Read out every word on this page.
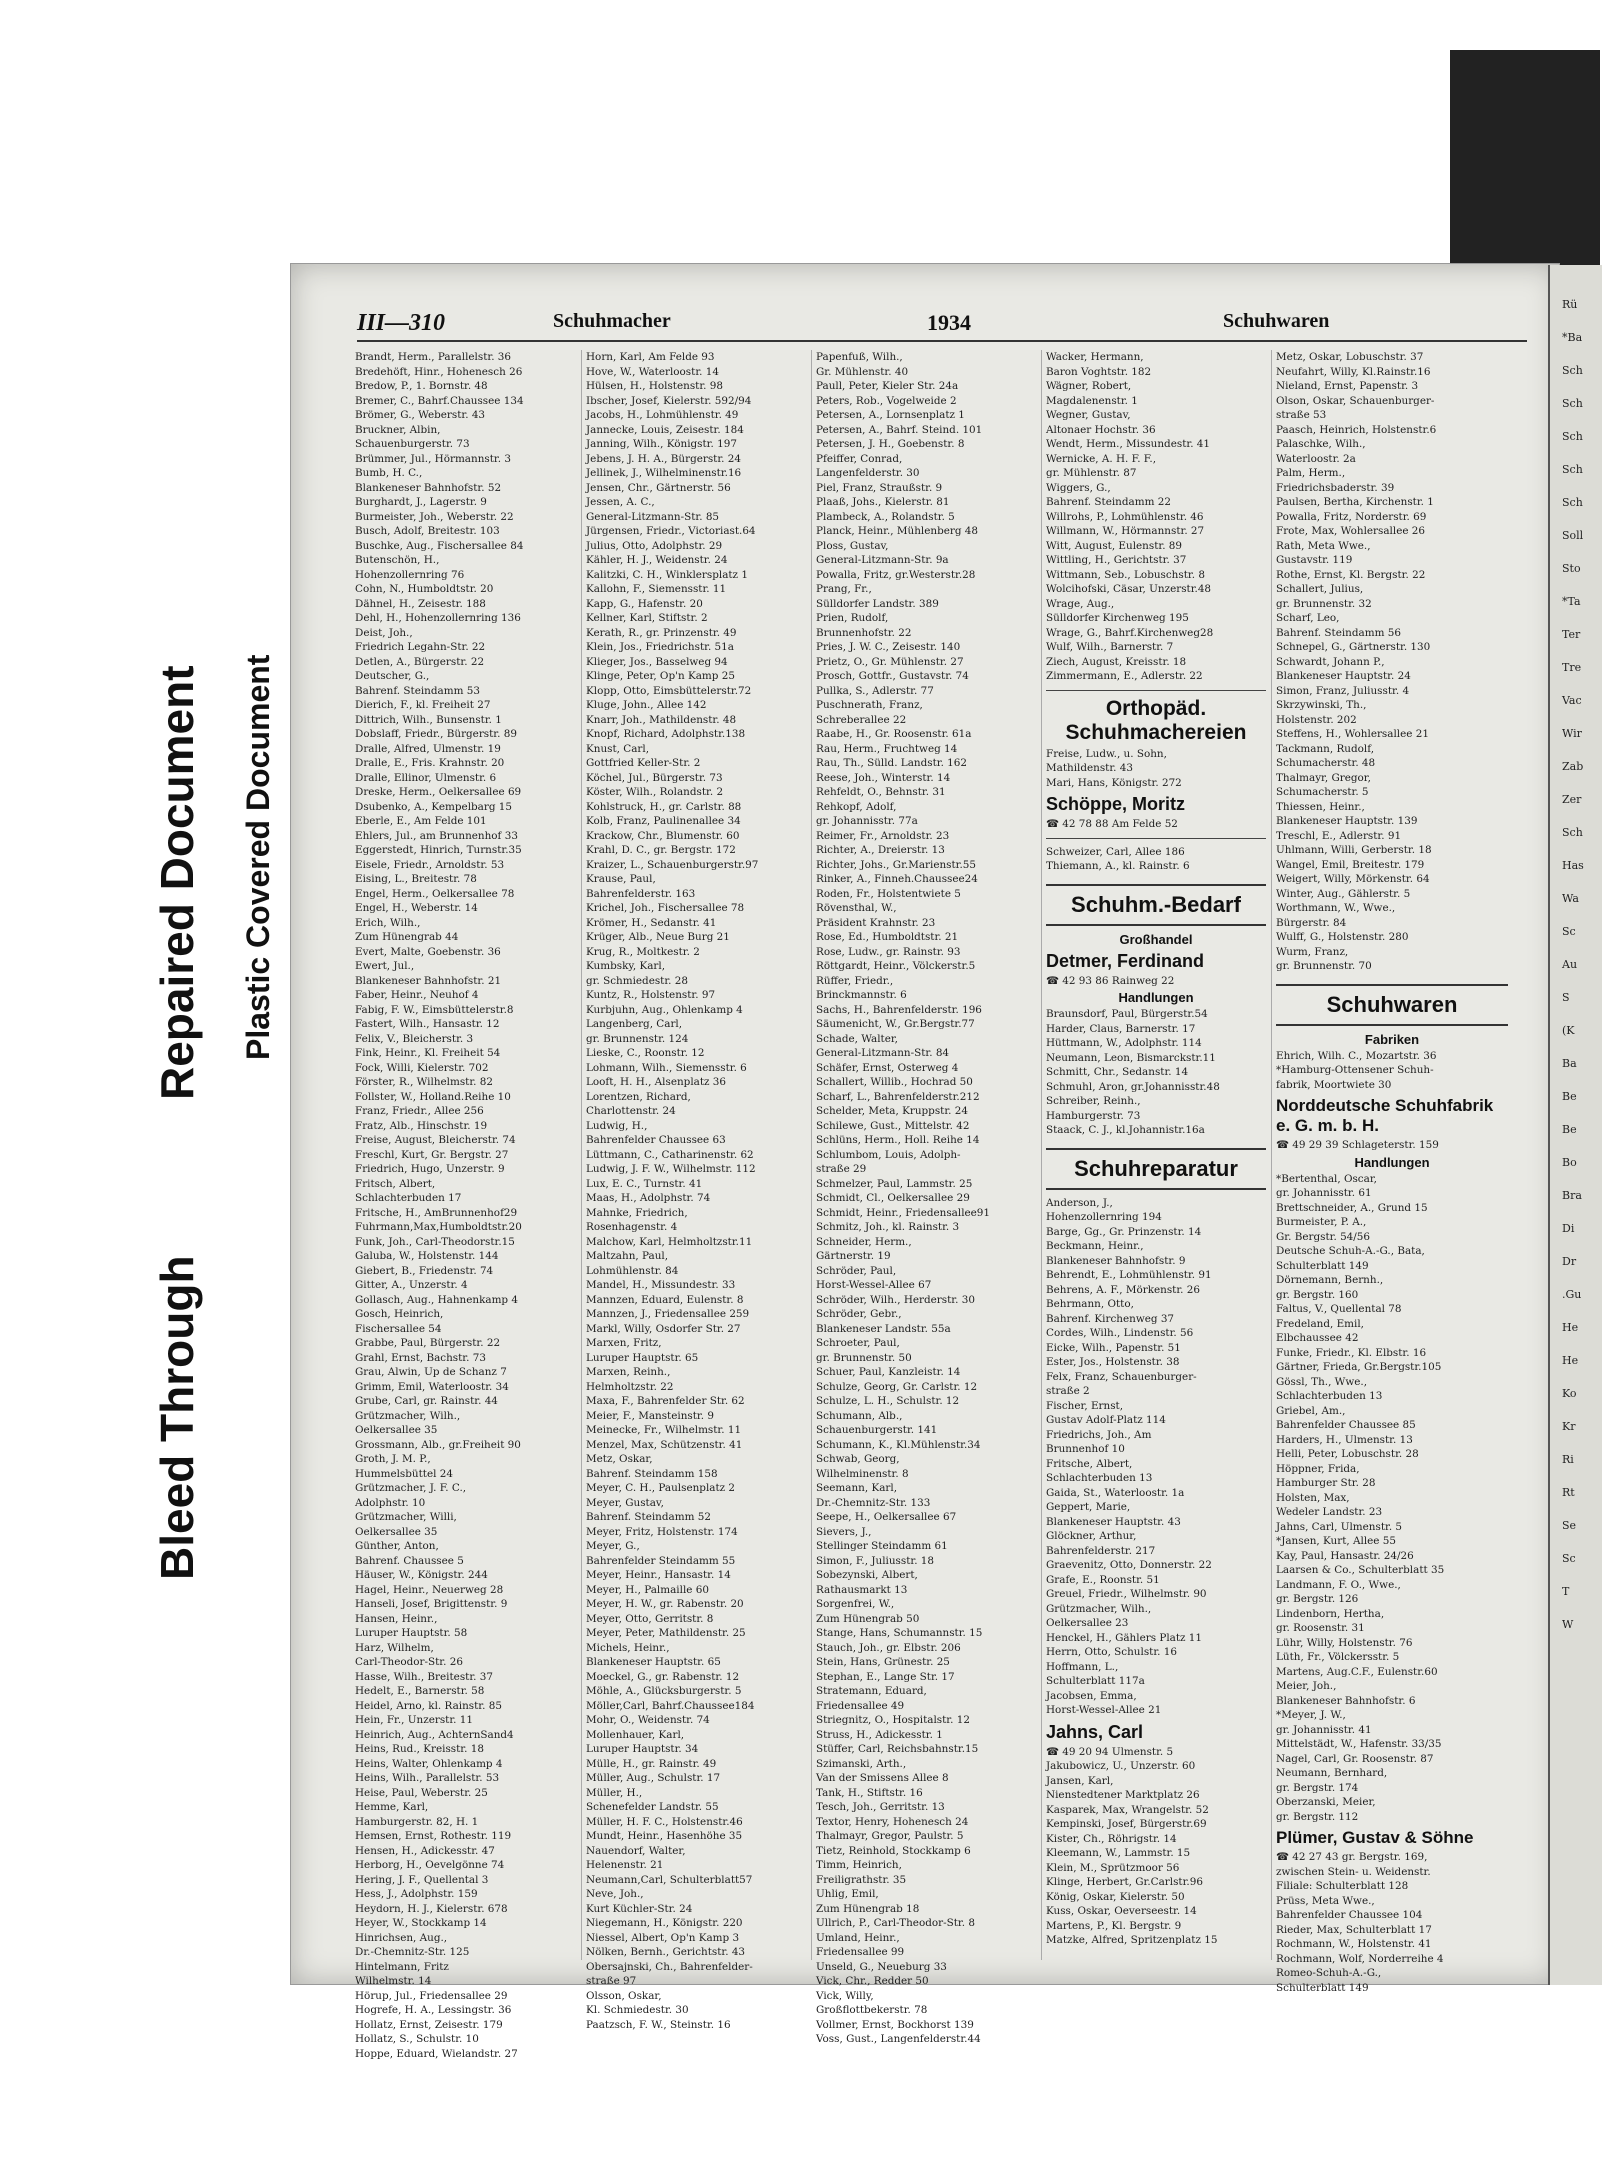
Bleed Through
Repaired Document Plastic Covered Document
III—310	Schuhmacher	1934	Schuhwaren
Brandt, Herm., Parallelstr. 36
Bredehöft, Hinr., Hohenesch 26
Bredow, P., 1. Bornstr. 48
Bremer, C., Bahrf.Chaussee 134
Brömer, G., Weberstr. 43
Bruckner, Albin,
Schauenburgerstr. 73
Brümmer, Jul., Hörmannstr. 3
Bumb, H. C.,
Blankeneser Bahnhofstr. 52
Burghardt, J., Lagerstr. 9
Burmeister, Joh., Weberstr. 22
Busch, Adolf, Breitestr. 103
Buschke, Aug., Fischersallee 84
Butenschön, H.,
Hohenzollernring 76
Cohn, N., Humboldtstr. 20
Dähnel, H., Zeisestr. 188
Dehl, H., Hohenzollernring 136
Deist, Joh.,
Friedrich Legahn-Str. 22
Detlen, A., Bürgerstr. 22
Deutscher, G.,
Bahrenf. Steindamm 53
Dierich, F., kl. Freiheit 27
Dittrich, Wilh., Bunsenstr. 1
Dobslaff, Friedr., Bürgerstr. 89
Dralle, Alfred, Ulmenstr. 19
Dralle, E., Fris. Krahnstr. 20
Dralle, Ellinor, Ulmenstr. 6
Dreske, Herm., Oelkersallee 69
Dsubenko, A., Kempelbarg 15
Eberle, E., Am Felde 101
Ehlers, Jul., am Brunnenhof 33
Eggerstedt, Hinrich, Turnstr.35
Eisele, Friedr., Arnoldstr. 53
Eising, L., Breitestr. 78
Engel, Herm., Oelkersallee 78
Engel, H., Weberstr. 14
Erich, Wilh.,
Zum Hünengrab 44
Evert, Malte, Goebenstr. 36
Ewert, Jul.,
Blankeneser Bahnhofstr. 21
Faber, Heinr., Neuhof 4
Fabig, F. W., Eimsbüttelerstr.8
Fastert, Wilh., Hansastr. 12
Felix, V., Bleicherstr. 3
Fink, Heinr., Kl. Freiheit 54
Fock, Willi, Kielerstr. 702
Förster, R., Wilhelmstr. 82
Follster, W., Holland.Reihe 10
Franz, Friedr., Allee 256
Fratz, Alb., Hinschstr. 19
Freise, August, Bleicherstr. 74
Freschl, Kurt, Gr. Bergstr. 27
Friedrich, Hugo, Unzerstr. 9
Fritsch, Albert,
Schlachterbuden 17
Fritsche, H., AmBrunnenhof29
Fuhrmann,Max,Humboldtstr.20
Funk, Joh., Carl-Theodorstr.15
Galuba, W., Holstenstr. 144
Giebert, B., Friedenstr. 74
Gitter, A., Unzerstr. 4
Gollasch, Aug., Hahnenkamp 4
Gosch, Heinrich,
Fischersallee 54
Grabbe, Paul, Bürgerstr. 22
Grahl, Ernst, Bachstr. 73
Grau, Alwin, Up de Schanz 7
Grimm, Emil, Waterloostr. 34
Grube, Carl, gr. Rainstr. 44
Grützmacher, Wilh.,
Oelkersallee 35
Grossmann, Alb., gr.Freiheit 90
Groth, J. M. P.,
Hummelsbüttel 24
Grützmacher, J. F. C.,
Adolphstr. 10
Grützmacher, Willi,
Oelkersallee 35
Günther, Anton,
Bahrenf. Chaussee 5
Häuser, W., Königstr. 244
Hagel, Heinr., Neuerweg 28
Hanseli, Josef, Brigittenstr. 9
Hansen, Heinr.,
Luruper Hauptstr. 58
Harz, Wilhelm,
Carl-Theodor-Str. 26
Hasse, Wilh., Breitestr. 37
Hedelt, E., Barnerstr. 58
Heidel, Arno, kl. Rainstr. 85
Hein, Fr., Unzerstr. 11
Heinrich, Aug., AchternSand4
Heins, Rud., Kreisstr. 18
Heins, Walter, Ohlenkamp 4
Heins, Wilh., Parallelstr. 53
Heise, Paul, Weberstr. 25
Hemme, Karl,
Hamburgerstr. 82, H. 1
Hemsen, Ernst, Rothestr. 119
Hensen, H., Adickesstr. 47
Herborg, H., Oevelgönne 74
Hering, J. F., Quellental 3
Hess, J., Adolphstr. 159
Heydorn, H. J., Kielerstr. 678
Heyer, W., Stockkamp 14
Hinrichsen, Aug.,
Dr.-Chemnitz-Str. 125
Hintelmann, Fritz
Wilhelmstr. 14
Hörup, Jul., Friedensallee 29
Hogrefe, H. A., Lessingstr. 36
Hollatz, Ernst, Zeisestr. 179
Hollatz, S., Schulstr. 10
Hoppe, Eduard, Wielandstr. 27
Horn, Karl, Am Felde 93
Hove, W., Waterloostr. 14
Hülsen, H., Holstenstr. 98
Ibscher, Josef, Kielerstr. 592/94
Jacobs, H., Lohmühlenstr. 49
Jannecke, Louis, Zeisestr. 184
Janning, Wilh., Königstr. 197
Jebens, J. H. A., Bürgerstr. 24
Jellinek, J., Wilhelminenstr.16
Jensen, Chr., Gärtnerstr. 56
Jessen, A. C.,
General-Litzmann-Str. 85
Jürgensen, Friedr., Victoriast.64
Julius, Otto, Adolphstr. 29
Kähler, H. J., Weidenstr. 24
Kalitzki, C. H., Winklersplatz 1
Kallohn, F., Siemensstr. 11
Kapp, G., Hafenstr. 20
Kellner, Karl, Stiftstr. 2
Kerath, R., gr. Prinzenstr. 49
Klein, Jos., Friedrichstr. 51a
Klieger, Jos., Basselweg 94
Klinge, Peter, Op'n Kamp 25
Klopp, Otto, Eimsbüttelerstr.72
Kluge, John., Allee 142
Knarr, Joh., Mathildenstr. 48
Knopf, Richard, Adolphstr.138
Knust, Carl,
Gottfried Keller-Str. 2
Köchel, Jul., Bürgerstr. 73
Köster, Wilh., Rolandstr. 2
Kohlstruck, H., gr. Carlstr. 88
Kolb, Franz, Paulinenallee 34
Krackow, Chr., Blumenstr. 60
Krahl, D. C., gr. Bergstr. 172
Kraizer, L., Schauenburgerstr.97
Krause, Paul,
Bahrenfelderstr. 163
Krichel, Joh., Fischersallee 78
Krömer, H., Sedanstr. 41
Krüger, Alb., Neue Burg 21
Krug, R., Moltkestr. 2
Kumbsky, Karl,
gr. Schmiedestr. 28
Kuntz, R., Holstenstr. 97
Kurbjuhn, Aug., Ohlenkamp 4
Langenberg, Carl,
gr. Brunnenstr. 124
Lieske, C., Roonstr. 12
Lohmann, Wilh., Siemensstr. 6
Looft, H. H., Alsenplatz 36
Lorentzen, Richard,
Charlottenstr. 24
Ludwig, H.,
Bahrenfelder Chaussee 63
Lüttmann, C., Catharinenstr. 62
Ludwig, J. F. W., Wilhelmstr. 112
Lux, E. C., Turnstr. 41
Maas, H., Adolphstr. 74
Mahnke, Friedrich,
Rosenhagenstr. 4
Malchow, Karl, Helmholtzstr.11
Maltzahn, Paul,
Lohmühlenstr. 84
Mandel, H., Missundestr. 33
Mannzen, Eduard, Eulenstr. 8
Mannzen, J., Friedensallee 259
Markl, Willy, Osdorfer Str. 27
Marxen, Fritz,
Luruper Hauptstr. 65
Marxen, Reinh.,
Helmholtzstr. 22
Maxa, F., Bahrenfelder Str. 62
Meier, F., Mansteinstr. 9
Meinecke, Fr., Wilhelmstr. 11
Menzel, Max, Schützenstr. 41
Metz, Oskar,
Bahrenf. Steindamm 158
Meyer, C. H., Paulsenplatz 2
Meyer, Gustav,
Bahrenf. Steindamm 52
Meyer, Fritz, Holstenstr. 174
Meyer, G.,
Bahrenfelder Steindamm 55
Meyer, Heinr., Hansastr. 14
Meyer, H., Palmaille 60
Meyer, H. W., gr. Rabenstr. 20
Meyer, Otto, Gerritstr. 8
Meyer, Peter, Mathildenstr. 25
Michels, Heinr.,
Blankeneser Hauptstr. 65
Moeckel, G., gr. Rabenstr. 12
Möhle, A., Glücksburgerstr. 5
Möller,Carl, Bahrf.Chaussee184
Mohr, O., Weidenstr. 74
Mollenhauer, Karl,
Luruper Hauptstr. 34
Mülle, H., gr. Rainstr. 49
Müller, Aug., Schulstr. 17
Müller, H.,
Schenefelder Landstr. 55
Müller, H. F. C., Holstenstr.46
Mundt, Heinr., Hasenhöhe 35
Nauendorf, Walter,
Helenenstr. 21
Neumann,Carl, Schulterblatt57
Neve, Joh.,
Kurt Küchler-Str. 24
Niegemann, H., Königstr. 220
Niessel, Albert, Op'n Kamp 3
Nölken, Bernh., Gerichtstr. 43
Obersajnski, Ch., Bahrenfelder-
straße 97
Olsson, Oskar,
Kl. Schmiedestr. 30
Paatzsch, F. W., Steinstr. 16
Papenfuß, Wilh.,
Gr. Mühlenstr. 40
Paull, Peter, Kieler Str. 24a
Peters, Rob., Vogelweide 2
Petersen, A., Lornsenplatz 1
Petersen, A., Bahrf. Steind. 101
Petersen, J. H., Goebenstr. 8
Pfeiffer, Conrad,
Langenfelderstr. 30
Piel, Franz, Straußstr. 9
Plaaß, Johs., Kielerstr. 81
Plambeck, A., Rolandstr. 5
Planck, Heinr., Mühlenberg 48
Ploss, Gustav,
General-Litzmann-Str. 9a
Powalla, Fritz, gr.Westerstr.28
Prang, Fr.,
Sülldorfer Landstr. 389
Prien, Rudolf,
Brunnenhofstr. 22
Pries, J. W. C., Zeisestr. 140
Prietz, O., Gr. Mühlenstr. 27
Prosch, Gottfr., Gustavstr. 74
Pullka, S., Adlerstr. 77
Puschnerath, Franz,
Schreberallee 22
Raabe, H., Gr. Roosenstr. 61a
Rau, Herm., Fruchtweg 14
Rau, Th., Sülld. Landstr. 162
Reese, Joh., Winterstr. 14
Rehfeldt, O., Behnstr. 31
Rehkopf, Adolf,
gr. Johannisstr. 77a
Reimer, Fr., Arnoldstr. 23
Richter, A., Dreierstr. 13
Richter, Johs., Gr.Marienstr.55
Rinker, A., Finneh.Chaussee24
Roden, Fr., Holstentwiete 5
Rövensthal, W.,
Präsident Krahnstr. 23
Rose, Ed., Humboldtstr. 21
Rose, Ludw., gr. Rainstr. 93
Röttgardt, Heinr., Völckerstr.5
Rüffer, Friedr.,
Brinckmannstr. 6
Sachs, H., Bahrenfelderstr. 196
Säumenicht, W., Gr.Bergstr.77
Schade, Walter,
General-Litzmann-Str. 84
Schäfer, Ernst, Osterweg 4
Schallert, Willib., Hochrad 50
Scharf, L., Bahrenfelderstr.212
Schelder, Meta, Kruppstr. 24
Schilewe, Gust., Mittelstr. 42
Schlüns, Herm., Holl. Reihe 14
Schlumbom, Louis, Adolph-
straße 29
Schmelzer, Paul, Lammstr. 25
Schmidt, Cl., Oelkersallee 29
Schmidt, Heinr., Friedensallee91
Schmitz, Joh., kl. Rainstr. 3
Schneider, Herm.,
Gärtnerstr. 19
Schröder, Paul,
Horst-Wessel-Allee 67
Schröder, Wilh., Herderstr. 30
Schröder, Gebr.,
Blankeneser Landstr. 55a
Schroeter, Paul,
gr. Brunnenstr. 50
Schuer, Paul, Kanzleistr. 14
Schulze, Georg, Gr. Carlstr. 12
Schulze, L. H., Schulstr. 12
Schumann, Alb.,
Schauenburgerstr. 141
Schumann, K., Kl.Mühlenstr.34
Schwab, Georg,
Wilhelminenstr. 8
Seemann, Karl,
Dr.-Chemnitz-Str. 133
Seepe, H., Oelkersallee 67
Sievers, J.,
Stellinger Steindamm 61
Simon, F., Juliusstr. 18
Sobezynski, Albert,
Rathausmarkt 13
Sorgenfrei, W.,
Zum Hünengrab 50
Stange, Hans, Schumannstr. 15
Stauch, Joh., gr. Elbstr. 206
Stein, Hans, Grünestr. 25
Stephan, E., Lange Str. 17
Stratemann, Eduard,
Friedensallee 49
Striegnitz, O., Hospitalstr. 12
Struss, H., Adickesstr. 1
Stüffer, Carl, Reichsbahnstr.15
Szimanski, Arth.,
Van der Smissens Allee 8
Tank, H., Stiftstr. 16
Tesch, Joh., Gerritstr. 13
Textor, Henry, Hohenesch 24
Thalmayr, Gregor, Paulstr. 5
Tietz, Reinhold, Stockkamp 6
Timm, Heinrich,
Freiligrathstr. 35
Uhlig, Emil,
Zum Hünengrab 18
Ullrich, P., Carl-Theodor-Str. 8
Umland, Heinr.,
Friedensallee 99
Unseld, G., Neueburg 33
Vick, Chr., Redder 50
Vick, Willy,
Großflottbekerstr. 78
Vollmer, Ernst, Bockhorst 139
Voss, Gust., Langenfelderstr.44
Wacker, Hermann,
Baron Voghtstr. 182
Wägner, Robert,
Magdalenenstr. 1
Wegner, Gustav,
Altonaer Hochstr. 36
Wendt, Herm., Missundestr. 41
Wernicke, A. H. F. F.,
gr. Mühlenstr. 87
Wiggers, G.,
Bahrenf. Steindamm 22
Willrohs, P., Lohmühlenstr. 46
Willmann, W., Hörmannstr. 27
Witt, August, Eulenstr. 89
Wittling, H., Gerichtstr. 37
Wittmann, Seb., Lobuschstr. 8
Wolcihofski, Cäsar, Unzerstr.48
Wrage, Aug.,
Sülldorfer Kirchenweg 195
Wrage, G., Bahrf.Kirchenweg28
Wulf, Wilh., Barnerstr. 7
Ziech, August, Kreisstr. 18
Zimmermann, E., Adlerstr. 22
Orthopäd. Schuhmachereien
Freise, Ludw., u. Sohn,
Mathildenstr. 43
Mari, Hans, Königstr. 272
Schöppe, Moritz
☎ 42 78 88 Am Felde 52
Schweizer, Carl, Allee 186
Thiemann, A., kl. Rainstr. 6
Schuhm.-Bedarf
Großhandel
Detmer, Ferdinand
☎ 42 93 86 Rainweg 22
Handlungen
Braunsdorf, Paul, Bürgerstr.54
Harder, Claus, Barnerstr. 17
Hüttmann, W., Adolphstr. 114
Neumann, Leon, Bismarckstr.11
Schmitt, Chr., Sedanstr. 14
Schmuhl, Aron, gr.Johannisstr.48
Schreiber, Reinh.,
Hamburgerstr. 73
Staack, C. J., kl.Johannistr.16a
Schuhreparatur
Anderson, J.,
Hohenzollernring 194
Barge, Gg., Gr. Prinzenstr. 14
Beckmann, Heinr.,
Blankeneser Bahnhofstr. 9
Behrendt, E., Lohmühlenstr. 91
Behrens, A. F., Mörkenstr. 26
Behrmann, Otto,
Bahrenf. Kirchenweg 37
Cordes, Wilh., Lindenstr. 56
Eicke, Wilh., Papenstr. 51
Ester, Jos., Holstenstr. 38
Felx, Franz, Schauenburger-
straße 2
Fischer, Ernst,
Gustav Adolf-Platz 114
Friedrichs, Joh., Am
Brunnenhof 10
Fritsche, Albert,
Schlachterbuden 13
Gaida, St., Waterloostr. 1a
Geppert, Marie,
Blankeneser Hauptstr. 43
Glöckner, Arthur,
Bahrenfelderstr. 217
Graevenitz, Otto, Donnerstr. 22
Grafe, E., Roonstr. 51
Greuel, Friedr., Wilhelmstr. 90
Grützmacher, Wilh.,
Oelkersallee 23
Henckel, H., Gählers Platz 11
Herrn, Otto, Schulstr. 16
Hoffmann, L.,
Schulterblatt 117a
Jacobsen, Emma,
Horst-Wessel-Allee 21
Jahns, Carl
☎ 49 20 94 Ulmenstr. 5
Jakubowicz, U., Unzerstr. 60
Jansen, Karl,
Nienstedtener Marktplatz 26
Kasparek, Max, Wrangelstr. 52
Kempinski, Josef, Bürgerstr.69
Kister, Ch., Röhrigstr. 14
Kleemann, W., Lammstr. 15
Klein, M., Sprützmoor 56
Klinge, Herbert, Gr.Carlstr.96
König, Oskar, Kielerstr. 50
Kuss, Oskar, Oeverseestr. 14
Martens, P., Kl. Bergstr. 9
Matzke, Alfred, Spritzenplatz 15
Metz, Oskar, Lobuschstr. 37
Neufahrt, Willy, Kl.Rainstr.16
Nieland, Ernst, Papenstr. 3
Olson, Oskar, Schauenburger-
straße 53
Paasch, Heinrich, Holstenstr.6
Palaschke, Wilh.,
Waterloostr. 2a
Palm, Herm.,
Friedrichsbaderstr. 39
Paulsen, Bertha, Kirchenstr. 1
Powalla, Fritz, Norderstr. 69
Frote, Max, Wohlersallee 26
Rath, Meta Wwe.,
Gustavstr. 119
Rothe, Ernst, Kl. Bergstr. 22
Schallert, Julius,
gr. Brunnenstr. 32
Scharf, Leo,
Bahrenf. Steindamm 56
Schnepel, G., Gärtnerstr. 130
Schwardt, Johann P.,
Blankeneser Hauptstr. 24
Simon, Franz, Juliusstr. 4
Skrzywinski, Th.,
Holstenstr. 202
Steffens, H., Wohlersallee 21
Tackmann, Rudolf,
Schumacherstr. 48
Thalmayr, Gregor,
Schumacherstr. 5
Thiessen, Heinr.,
Blankeneser Hauptstr. 139
Treschl, E., Adlerstr. 91
Uhlmann, Willi, Gerberstr. 18
Wangel, Emil, Breitestr. 179
Weigert, Willy, Mörkenstr. 64
Winter, Aug., Gählerstr. 5
Worthmann, W., Wwe.,
Bürgerstr. 84
Wulff, G., Holstenstr. 280
Wurm, Franz,
gr. Brunnenstr. 70
Schuhwaren
Fabriken
Ehrich, Wilh. C., Mozartstr. 36
*Hamburg-Ottensener Schuh-
fabrik, Moortwiete 30
Norddeutsche Schuhfabrik e. G. m. b. H.
☎ 49 29 39 Schlageterstr. 159
Handlungen
*Bertenthal, Oscar,
gr. Johannisstr. 61
Brettschneider, A., Grund 15
Burmeister, P. A.,
Gr. Bergstr. 54/56
Deutsche Schuh-A.-G., Bata,
Schulterblatt 149
Dörnemann, Bernh.,
gr. Bergstr. 160
Faltus, V., Quellental 78
Fredeland, Emil,
Elbchaussee 42
Funke, Friedr., Kl. Elbstr. 16
Gärtner, Frieda, Gr.Bergstr.105
Gössl, Th., Wwe.,
Schlachterbuden 13
Griebel, Am.,
Bahrenfelder Chaussee 85
Harders, H., Ulmenstr. 13
Helli, Peter, Lobuschstr. 28
Höppner, Frida,
Hamburger Str. 28
Holsten, Max,
Wedeler Landstr. 23
Jahns, Carl, Ulmenstr. 5
*Jansen, Kurt, Allee 55
Kay, Paul, Hansastr. 24/26
Laarsen & Co., Schulterblatt 35
Landmann, F. O., Wwe.,
gr. Bergstr. 126
Lindenborn, Hertha,
gr. Roosenstr. 31
Lühr, Willy, Holstenstr. 76
Lüth, Fr., Völckersstr. 5
Martens, Aug.C.F., Eulenstr.60
Meier, Joh.,
Blankeneser Bahnhofstr. 6
*Meyer, J. W.,
gr. Johannisstr. 41
Mittelstädt, W., Hafenstr. 33/35
Nagel, Carl, Gr. Roosenstr. 87
Neumann, Bernhard,
gr. Bergstr. 174
Oberzanski, Meier,
gr. Bergstr. 112
Plümer, Gustav & Söhne
☎ 42 27 43 gr. Bergstr. 169,
zwischen Stein- u. Weidenstr.
Filiale: Schulterblatt 128
Prüss, Meta Wwe.,
Bahrenfelder Chaussee 104
Rieder, Max, Schulterblatt 17
Rochmann, W., Holstenstr. 41
Rochmann, Wolf, Norderreihe 4
Romeo-Schuh-A.-G.,
Schulterblatt 149
Rü
*Ba
Sch
Sch
Sch
Sch
Sch
Soll
Sto
*Ta
Ter
Tre
Vac
Wir
Zab
Zer
Sch
Has
Wa
Sc
Au
S
(K
Ba
Be
Be
Bo
Bra
Di
Dr
.Gu
He
He
Ko
Kr
Ri
Rt
Se
Sc
T
W
